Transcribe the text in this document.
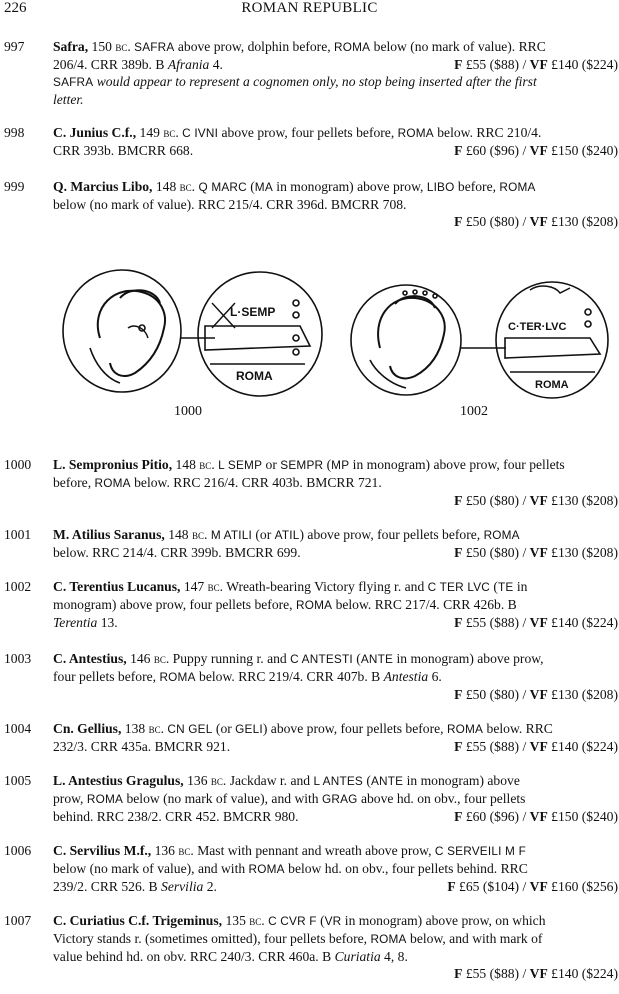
226	ROMAN REPUBLIC
997 Safra, 150 bc. SAFRA above prow, dolphin before, ROMA below (no mark of value). RRC
206/4. CRR 389b. B Afrania 4.	F £55 ($88) / VF £140 ($224)
SAFRA would appear to represent a cognomen only, no stop being inserted after the first
letter.
998 C. Junius C.f., 149 bc. C IVNI above prow, four pellets before, ROMA below. RRC 210/4.
CRR 393b. BMCRR 668.	F £60 ($96) / VF £150 ($240)
999 Q. Marcius Libo, 148 bc. Q MARC (MA in monogram) above prow, LIBO before, ROMA
below (no mark of value). RRC 215/4. CRR 396d. BMCRR 708.
F £50 ($80) / VF £130 ($208)
L·SEMP
ROMA
C·TER·LVC
ROMA
1000	1002
1000 L. Sempronius Pitio, 148 bc. L SEMP or SEMPR (MP in monogram) above prow, four pellets
before, ROMA below. RRC 216/4. CRR 403b. BMCRR 721.
F £50 ($80) / VF £130 ($208)
1001 M. Atilius Saranus, 148 bc. M ATILI (or ATIL) above prow, four pellets before, ROMA
below. RRC 214/4. CRR 399b. BMCRR 699.	F £50 ($80) / VF £130 ($208)
1002 C. Terentius Lucanus, 147 bc. Wreath-bearing Victory flying r. and C TER LVC (TE in
monogram) above prow, four pellets before, ROMA below. RRC 217/4. CRR 426b. B
Terentia 13.	F £55 ($88) / VF £140 ($224)
1003 C. Antestius, 146 bc. Puppy running r. and C ANTESTI (ANTE in monogram) above prow,
four pellets before, ROMA below. RRC 219/4. CRR 407b. B Antestia 6.
F £50 ($80) / VF £130 ($208)
1004 Cn. Gellius, 138 bc. CN GEL (or GELI) above prow, four pellets before, ROMA below. RRC
232/3. CRR 435a. BMCRR 921.	F £55 ($88) / VF £140 ($224)
1005 L. Antestius Gragulus, 136 bc. Jackdaw r. and L ANTES (ANTE in monogram) above
prow, ROMA below (no mark of value), and with GRAG above hd. on obv., four pellets
behind. RRC 238/2. CRR 452. BMCRR 980.	F £60 ($96) / VF £150 ($240)
1006 C. Servilius M.f., 136 bc. Mast with pennant and wreath above prow, C SERVEILI M F
below (no mark of value), and with ROMA below hd. on obv., four pellets behind. RRC
239/2. CRR 526. B Servilia 2.	F £65 ($104) / VF £160 ($256)
1007 C. Curiatius C.f. Trigeminus, 135 bc. C CVR F (VR in monogram) above prow, on which
Victory stands r. (sometimes omitted), four pellets before, ROMA below, and with mark of
value behind hd. on obv. RRC 240/3. CRR 460a. B Curiatia 4, 8.
F £55 ($88) / VF £140 ($224)
